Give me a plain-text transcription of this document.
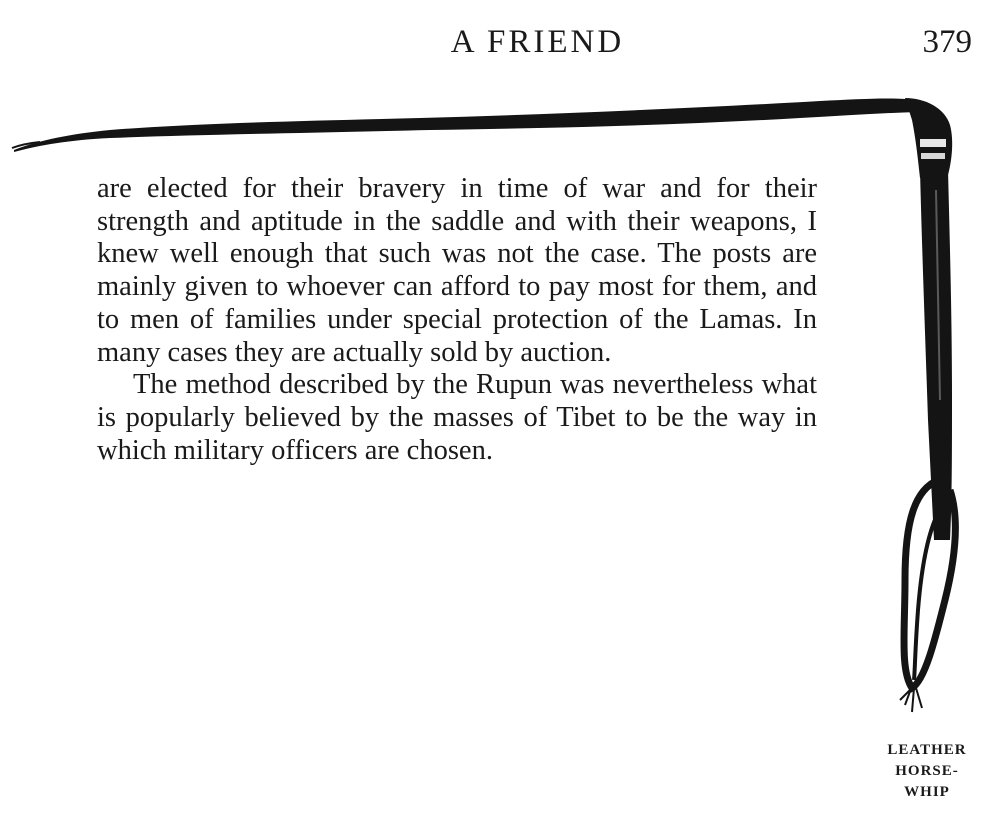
A FRIEND	379

are elected for their bravery in time of war and for their strength and aptitude in the saddle and with their weapons, I knew well enough that such was not the case. The posts are mainly given to whoever can afford to pay most for them, and to men of families under special protection of the Lamas. In many cases they are actually sold by auction.

The method described by the Rupun was nevertheless what is popularly believed by the masses of Tibet to be the way in which military officers are chosen.

LEATHER
HORSE-
WHIP
